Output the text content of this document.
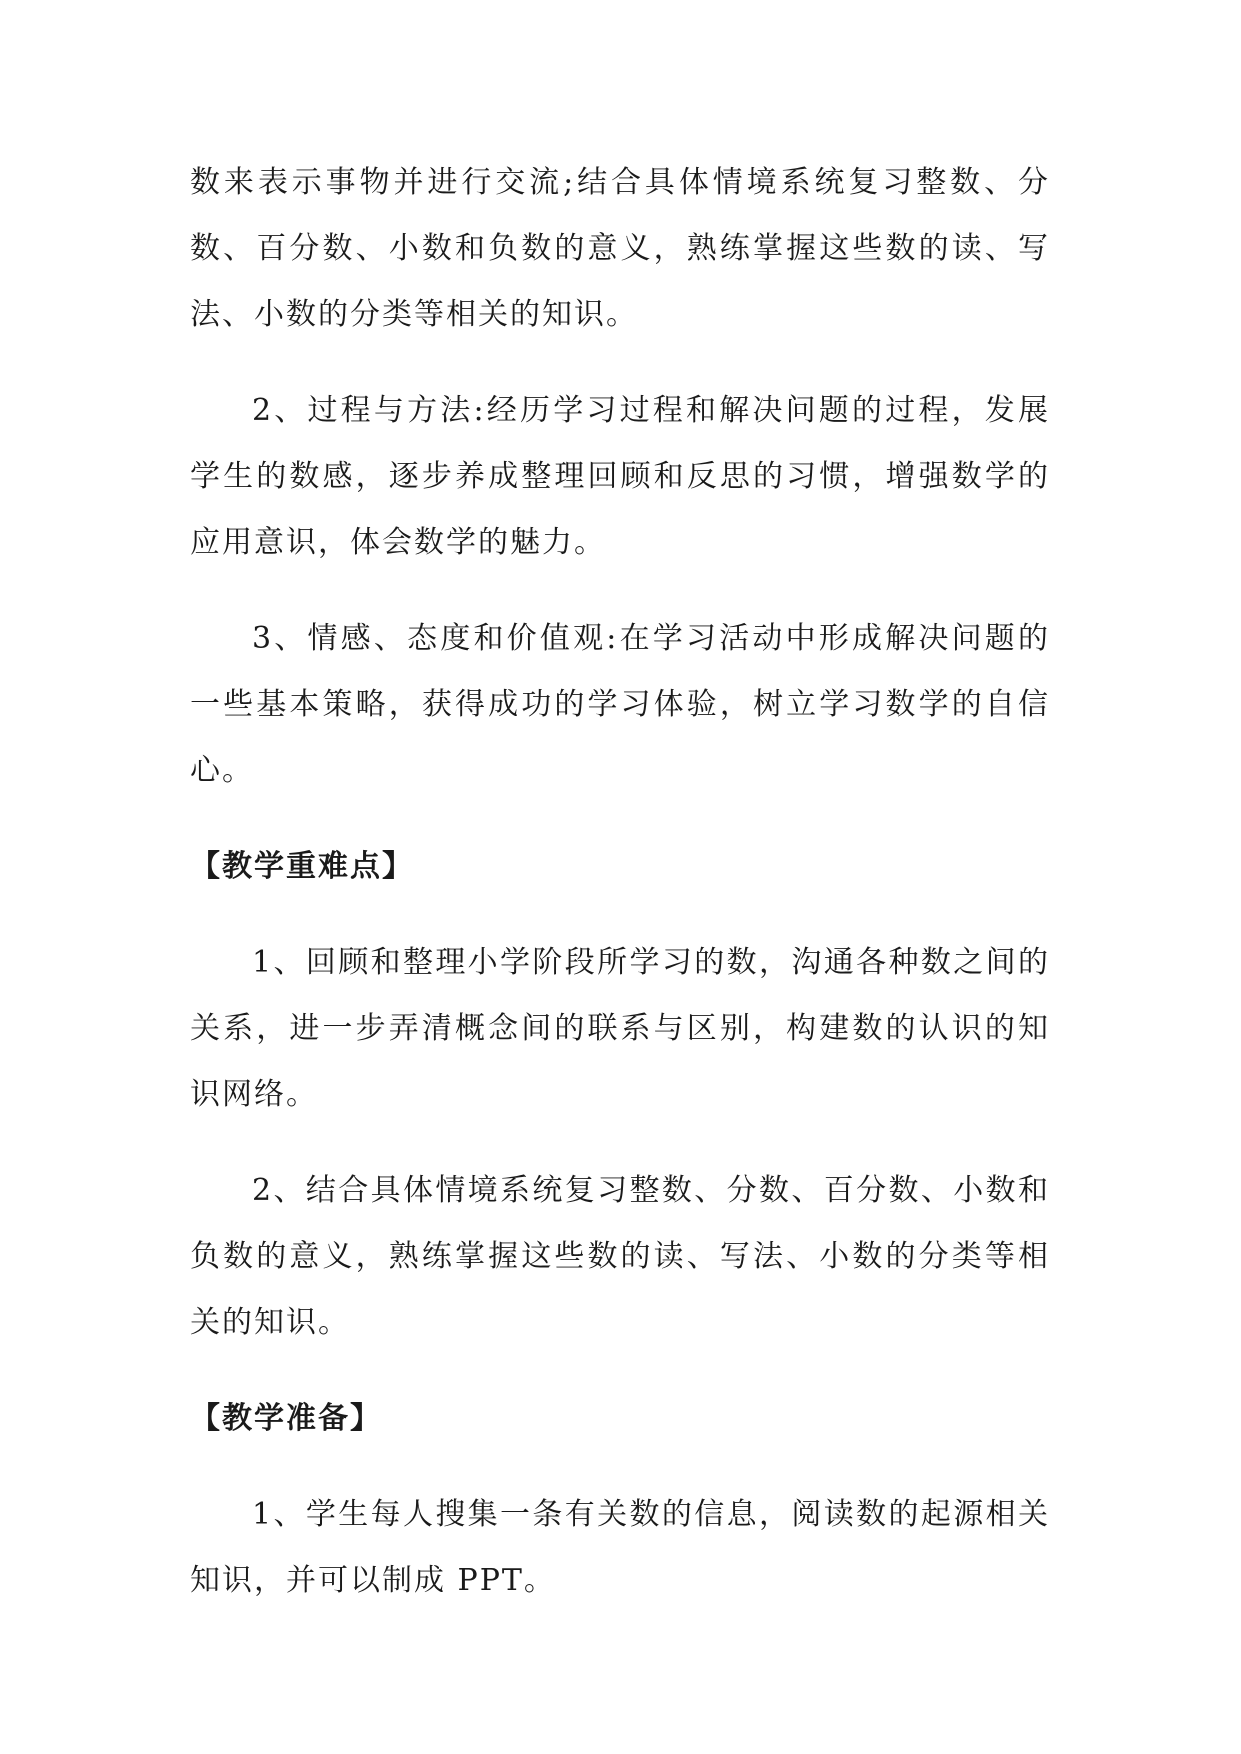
数来表示事物并进行交流;结合具体情境系统复习整数、分数、百分数、小数和负数的意义，熟练掌握这些数的读、写法、小数的分类等相关的知识。

2、过程与方法:经历学习过程和解决问题的过程，发展学生的数感，逐步养成整理回顾和反思的习惯，增强数学的应用意识，体会数学的魅力。

3、情感、态度和价值观:在学习活动中形成解决问题的一些基本策略，获得成功的学习体验，树立学习数学的自信心。

【教学重难点】

1、回顾和整理小学阶段所学习的数，沟通各种数之间的关系，进一步弄清概念间的联系与区别，构建数的认识的知识网络。

2、结合具体情境系统复习整数、分数、百分数、小数和负数的意义，熟练掌握这些数的读、写法、小数的分类等相关的知识。

【教学准备】

1、学生每人搜集一条有关数的信息，阅读数的起源相关知识，并可以制成 PPT。
